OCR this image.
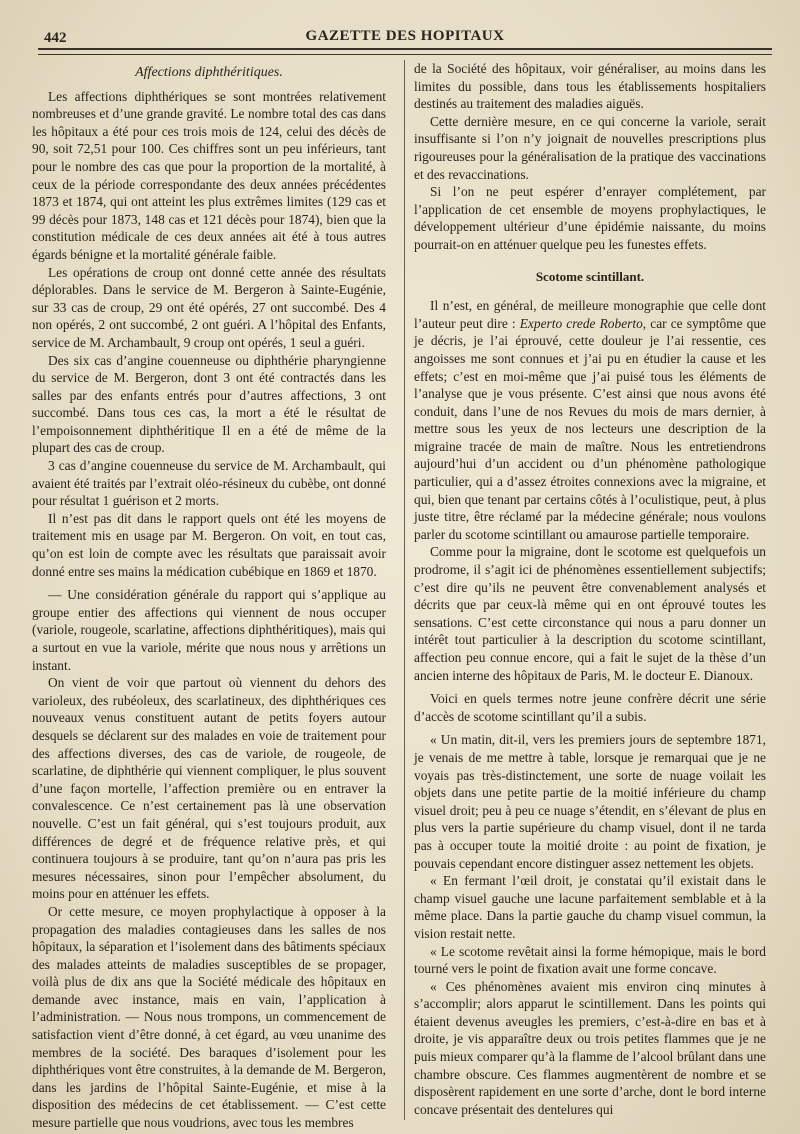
442	GAZETTE DES HOPITAUX
Affections diphthéritiques.

Les affections diphthériques se sont montrées relativement nombreuses et d’une grande gravité. Le nombre total des cas dans les hôpitaux a été pour ces trois mois de 124, celui des décès de 90, soit 72,51 pour 100. Ces chiffres sont un peu inférieurs, tant pour le nombre des cas que pour la proportion de la mortalité, à ceux de la période correspondante des deux années précédentes 1873 et 1874, qui ont atteint les plus extrêmes limites (129 cas et 99 décès pour 1873, 148 cas et 121 décès pour 1874), bien que la constitution médicale de ces deux années ait été à tous autres égards bénigne et la mortalité générale faible.

Les opérations de croup ont donné cette année des résultats déplorables. Dans le service de M. Bergeron à Sainte-Eugénie, sur 33 cas de croup, 29 ont été opérés, 27 ont succombé. Des 4 non opérés, 2 ont succombé, 2 ont guéri. A l’hôpital des Enfants, service de M. Archambault, 9 croup ont opérés, 1 seul a guéri.

Des six cas d’angine couenneuse ou diphthérie pharyngienne du service de M. Bergeron, dont 3 ont été contractés dans les salles par des enfants entrés pour d’autres affections, 3 ont succombé. Dans tous ces cas, la mort a été le résultat de l’empoisonnement diphthéritique Il en a été de même de la plupart des cas de croup.

3 cas d’angine couenneuse du service de M. Archambault, qui avaient été traités par l’extrait oléo-résineux du cubèbe, ont donné pour résultat 1 guérison et 2 morts.

Il n’est pas dit dans le rapport quels ont été les moyens de traitement mis en usage par M. Bergeron. On voit, en tout cas, qu’on est loin de compte avec les résultats que paraissait avoir donné entre ses mains la médication cubébique en 1869 et 1870.

— Une considération générale du rapport qui s’applique au groupe entier des affections qui viennent de nous occuper (variole, rougeole, scarlatine, affections diphthéritiques), mais qui a surtout en vue la variole, mérite que nous nous y arrêtions un instant.

On vient de voir que partout où viennent du dehors des varioleux, des rubéoleux, des scarlatineux, des diphthériques ces nouveaux venus constituent autant de petits foyers autour desquels se déclarent sur des malades en voie de traitement pour des affections diverses, des cas de variole, de rougeole, de scarlatine, de diphthérie qui viennent compliquer, le plus souvent d’une façon mortelle, l’affection première ou en entraver la convalescence. Ce n’est certainement pas là une observation nouvelle. C’est un fait général, qui s’est toujours produit, aux différences de degré et de fréquence relative près, et qui continuera toujours à se produire, tant qu’on n’aura pas pris les mesures nécessaires, sinon pour l’empêcher absolument, du moins pour en atténuer les effets.

Or cette mesure, ce moyen prophylactique à opposer à la propagation des maladies contagieuses dans les salles de nos hôpitaux, la séparation et l’isolement dans des bâtiments spéciaux des malades atteints de maladies susceptibles de se propager, voilà plus de dix ans que la Société médicale des hôpitaux en demande avec instance, mais en vain, l’application à l’administration. — Nous nous trompons, un commencement de satisfaction vient d’être donné, à cet égard, au vœu unanime des membres de la société. Des baraques d’isolement pour les diphthériques vont être construites, à la demande de M. Bergeron, dans les jardins de l’hôpital Sainte-Eugénie, et mise à la disposition des médecins de cet établissement. — C’est cette mesure partielle que nous voudrions, avec tous les membres

de la Société des hôpitaux, voir généraliser, au moins dans les limites du possible, dans tous les établissements hospitaliers destinés au traitement des maladies aiguës.

Cette dernière mesure, en ce qui concerne la variole, serait insuffisante si l’on n’y joignait de nouvelles prescriptions plus rigoureuses pour la généralisation de la pratique des vaccinations et des revaccinations.

Si l’on ne peut espérer d’enrayer complétement, par l’application de cet ensemble de moyens prophylactiques, le développement ultérieur d’une épidémie naissante, du moins pourrait-on en atténuer quelque peu les funestes effets.

Scotome scintillant.

Il n’est, en général, de meilleure monographie que celle dont l’auteur peut dire : Experto crede Roberto, car ce symptôme que je décris, je l’ai éprouvé, cette douleur je l’ai ressentie, ces angoisses me sont connues et j’ai pu en étudier la cause et les effets; c’est en moi-même que j’ai puisé tous les éléments de l’analyse que je vous présente. C’est ainsi que nous avons été conduit, dans l’une de nos Revues du mois de mars dernier, à mettre sous les yeux de nos lecteurs une description de la migraine tracée de main de maître. Nous les entretiendrons aujourd’hui d’un accident ou d’un phénomène pathologique particulier, qui a d’assez étroites connexions avec la migraine, et qui, bien que tenant par certains côtés à l’oculistique, peut, à plus juste titre, être réclamé par la médecine générale; nous voulons parler du scotome scintillant ou amaurose partielle temporaire.

Comme pour la migraine, dont le scotome est quelquefois un prodrome, il s’agit ici de phénomènes essentiellement subjectifs; c’est dire qu’ils ne peuvent être convenablement analysés et décrits que par ceux-là même qui en ont éprouvé toutes les sensations. C’est cette circonstance qui nous a paru donner un intérêt tout particulier à la description du scotome scintillant, affection peu connue encore, qui a fait le sujet de la thèse d’un ancien interne des hôpitaux de Paris, M. le docteur E. Dianoux.

Voici en quels termes notre jeune confrère décrit une série d’accès de scotome scintillant qu’il a subis.

« Un matin, dit-il, vers les premiers jours de septembre 1871, je venais de me mettre à table, lorsque je remarquai que je ne voyais pas très-distinctement, une sorte de nuage voilait les objets dans une petite partie de la moitié inférieure du champ visuel droit; peu à peu ce nuage s’étendit, en s’élevant de plus en plus vers la partie supérieure du champ visuel, dont il ne tarda pas à occuper toute la moitié droite : au point de fixation, je pouvais cependant encore distinguer assez nettement les objets.

« En fermant l’œil droit, je constatai qu’il existait dans le champ visuel gauche une lacune parfaitement semblable et à la même place. Dans la partie gauche du champ visuel commun, la vision restait nette.

« Le scotome revêtait ainsi la forme hémopique, mais le bord tourné vers le point de fixation avait une forme concave.

« Ces phénomènes avaient mis environ cinq minutes à s’accomplir; alors apparut le scintillement. Dans les points qui étaient devenus aveugles les premiers, c’est-à-dire en bas et à droite, je vis apparaître deux ou trois petites flammes que je ne puis mieux comparer qu’à la flamme de l’alcool brûlant dans une chambre obscure. Ces flammes augmentèrent de nombre et se disposèrent rapidement en une sorte d’arche, dont le bord interne concave présentait des dentelures qui
